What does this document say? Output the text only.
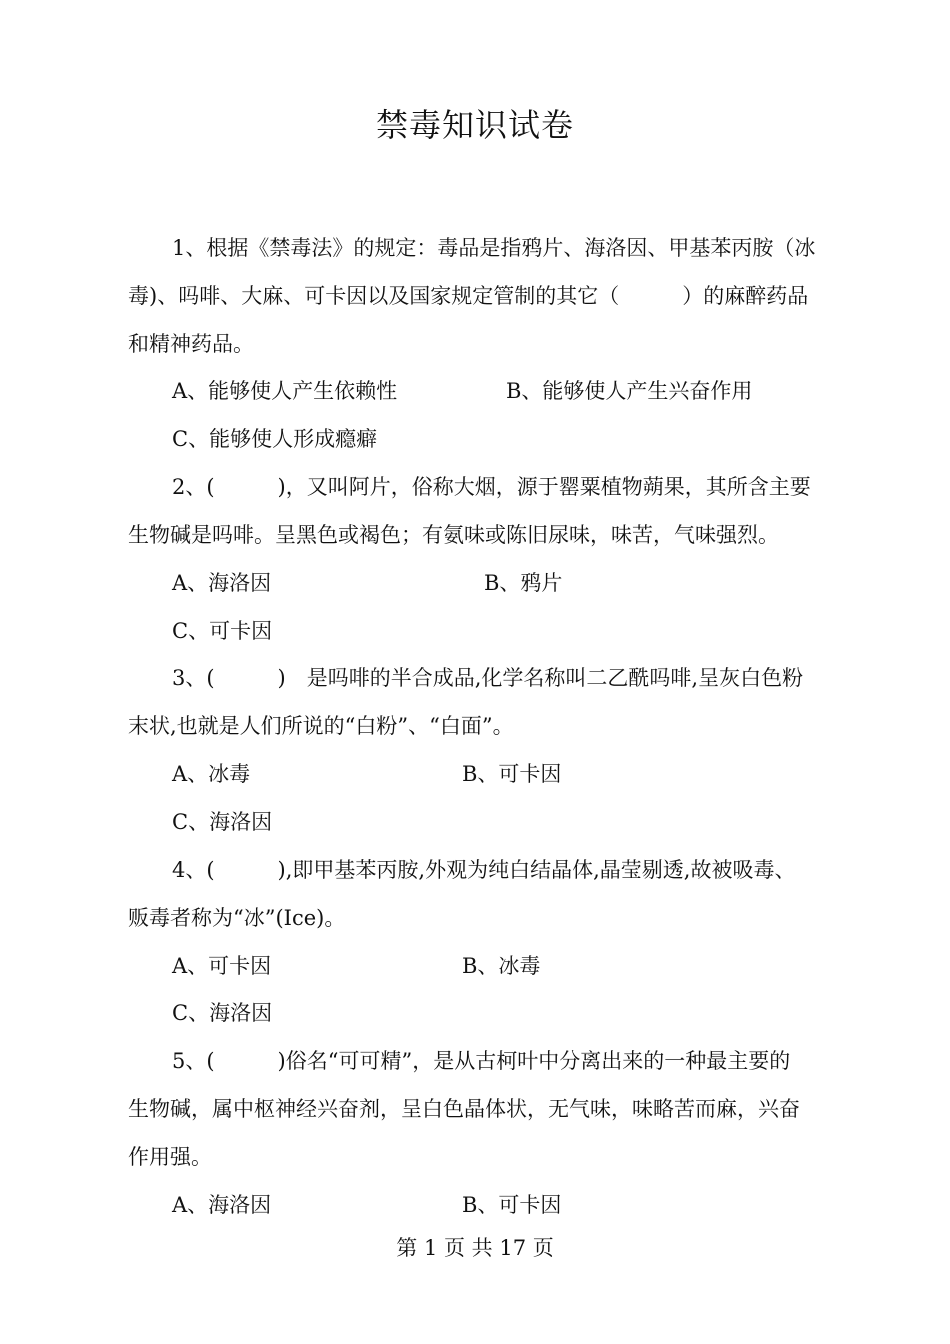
禁毒知识试卷
1、根据《禁毒法》的规定：毒品是指鸦片、海洛因、甲基苯丙胺（冰
毒)、吗啡、大麻、可卡因以及国家规定管制的其它（　　　）的麻醉药品
和精神药品。
A、能够使人产生依赖性	B、能够使人产生兴奋作用
C、能够使人形成瘾癖
2、(　　　)，又叫阿片，俗称大烟，源于罂粟植物蒴果，其所含主要
生物碱是吗啡。呈黑色或褐色；有氨味或陈旧尿味，味苦，气味强烈。
A、海洛因	B、鸦片
C、可卡因
3、(　　　)　是吗啡的半合成品,化学名称叫二乙酰吗啡,呈灰白色粉
末状,也就是人们所说的“白粉”、“白面”。
A、冰毒	B、可卡因
C、海洛因
4、(　　　),即甲基苯丙胺,外观为纯白结晶体,晶莹剔透,故被吸毒、
贩毒者称为“冰”(Ice)。
A、可卡因	B、冰毒
C、海洛因
5、(　　　)俗名“可可精”，是从古柯叶中分离出来的一种最主要的
生物碱，属中枢神经兴奋剂，呈白色晶体状，无气味，味略苦而麻，兴奋
作用强。
A、海洛因	B、可卡因
第 1 页 共 17 页
